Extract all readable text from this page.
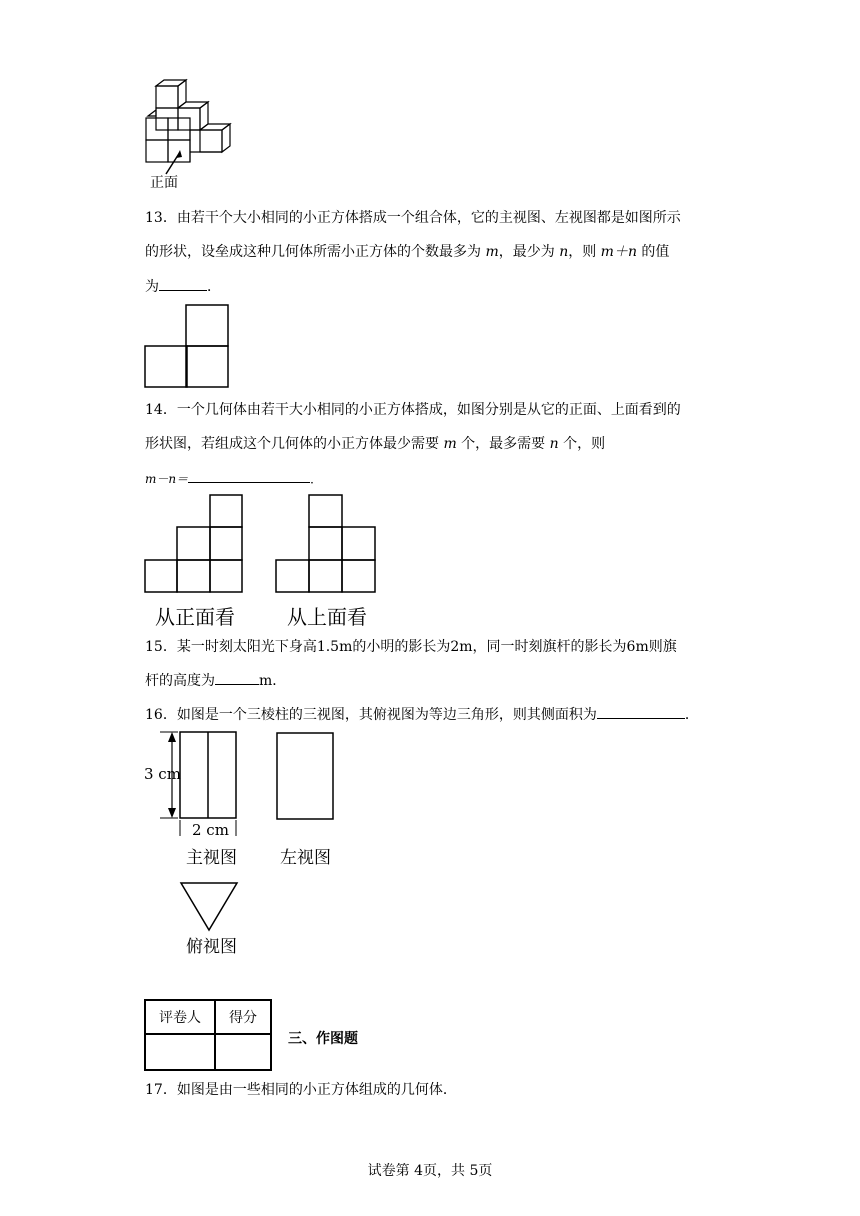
正面
13．由若干个大小相同的小正方体搭成一个组合体，它的主视图、左视图都是如图所示
的形状，设垒成这种几何体所需小正方体的个数最多为 m，最少为 n，则 m＋n 的值
为	．
14．一个几何体由若干大小相同的小正方体搭成，如图分别是从它的正面、上面看到的
形状图，若组成这个几何体的小正方体最少需要 m 个，最多需要 n 个，则
m－n＝	．
从正面看	从上面看
15．某一时刻太阳光下身高1.5m的小明的影长为2m，同一时刻旗杆的影长为6m则旗
杆的高度为	m．
16．如图是一个三棱柱的三视图，其俯视图为等边三角形，则其侧面积为	．
3 cm
2 cm
主视图	左视图
俯视图
评卷人	得分

三、作图题
17．如图是由一些相同的小正方体组成的几何体．
试卷第 4页，共 5页
